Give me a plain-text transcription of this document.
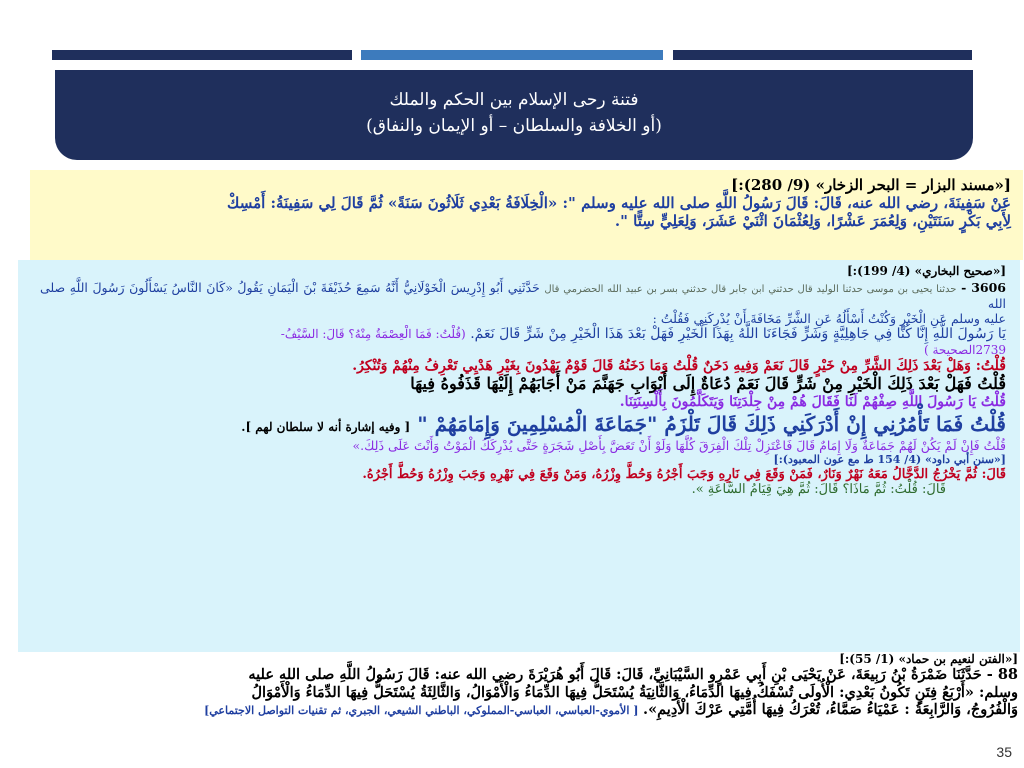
فتنة رحى الإسلام بين الحكم والملك
(أو الخلافة والسلطان – أو الإيمان والنفاق)

[«مسند البزار = البحر الزخار» (9/ 280):]

عَنْ سَفِينَةَ، رضي الله عنه، قَالَ: قَالَ رَسُولُ اللَّهِ صلى الله عليه وسلم ": «الْخِلَافَةُ بَعْدِي ثَلَاثُونَ سَنَةً» ثُمَّ قَالَ لِي سَفِينَةُ: أَمْسِكْ

لِأَبِي بَكْرٍ سَنَتَيْنِ، وَلِعُمَرَ عَشْرًا، وَلِعُثْمَانَ اثْنَيْ عَشَرَ، وَلِعَلِيٍّ سِتًّا ".

[«صحيح البخاري» (4/ 199):]

3606 - حدثنا يحيى بن موسى حدثنا الوليد قال حدثني ابن جابر قال حدثني بسر بن عبيد الله الحضرمي قال حَدَّثَنِي أَبُو إِدْرِيسَ الْخَوْلَانِيُّ أَنَّهُ سَمِعَ حُذَيْفَةَ بْنَ الْيَمَانِ يَقُولُ «كَانَ النَّاسُ يَسْأَلُونَ رَسُولَ اللَّهِ صلى الله

عليه وسلم عَنِ الْخَيْرِ وَكُنْتُ أَسْأَلُهُ عَنِ الشَّرِّ مَخَافَةَ أَنْ يُدْرِكَنِي فَقُلْتُ :

يَا رَسُولَ اللَّهِ إِنَّا كُنَّا فِي جَاهِلِيَّةٍ وَشَرٍّ فَجَاءَنَا اللَّهُ بِهَذَا الْخَيْرِ فَهَلْ بَعْدَ هَذَا الْخَيْرِ مِنْ شَرٍّ قَالَ نَعَمْ. (قُلْتُ: فَمَا الْعِصْمَةُ مِنْهُ؟ قَالَ: السَّيْفُ-

2739الصحيحة )

قُلْتُ: وَهَلْ بَعْدَ ذَلِكَ الشَّرِّ مِنْ خَيْرٍ قَالَ نَعَمْ وَفِيهِ دَخَنٌ قُلْتُ وَمَا دَخَنُهُ قَالَ قَوْمٌ يَهْدُونَ بِغَيْرِ هَدْيِي تَعْرِفُ مِنْهُمْ وَتُنْكِرُ.

قُلْتُ فَهَلْ بَعْدَ ذَلِكَ الْخَيْرِ مِنْ شَرٍّ قَالَ نَعَمْ دُعَاةٌ إِلَى أَبْوَابِ جَهَنَّمَ مَنْ أَجَابَهُمْ إِلَيْهَا قَذَفُوهُ فِيهَا

قُلْتُ يَا رَسُولَ اللَّهِ صِفْهُمْ لَنَا فَقَالَ هُمْ مِنْ جِلْدَتِنَا وَيَتَكَلَّمُونَ بِأَلْسِنَتِنَا.

قُلْتُ فَمَا تَأْمُرُنِي إِنْ أَدْرَكَنِي ذَلِكَ قَالَ تَلْزَمُ "جَمَاعَةَ الْمُسْلِمِينَ وَإِمَامَهُمْ " [ وفيه إشارة أنه لا سلطان لهم ].

قُلْتُ فَإِنْ لَمْ يَكُنْ لَهُمْ جَمَاعَةٌ وَلَا إِمَامٌ قَالَ فَاعْتَزِلْ تِلْكَ الْفِرَقَ كُلَّهَا وَلَوْ أَنْ تَعَضَّ بِأَصْلِ شَجَرَةٍ حَتَّى يُدْرِكَكَ الْمَوْتُ وَأَنْتَ عَلَى ذَلِكَ.»

[«سنن أبي داود» (4/ 154 ط مع عون المعبود):]

قَالَ: ثُمَّ يَخْرُجُ الدَّجَّالُ مَعَهُ نَهْرٌ وَنَارٌ، فَمَنْ وَقَعَ فِي نَارِهِ وَجَبَ أَجْرُهُ وَحُطَّ وِزْرُهُ، وَمَنْ وَقَعَ فِي نَهْرِهِ وَجَبَ وِزْرُهُ وَحُطَّ أَجْرُهُ.

قَالَ: قُلْتُ: ثُمَّ مَاذَا؟ قَالَ: ثُمَّ هِيَ قِيَامُ السَّاعَةِ ».

[«الفتن لنعيم بن حماد» (1/ 55):]

88 - حَدَّثَنَا ضَمْرَةُ بْنُ رَبِيعَةَ، عَنْ يَحْيَى بْنِ أَبِي عَمْرٍو السَّيْبَانِيِّ، قَالَ: قَالَ أَبُو هُرَيْرَةَ رضي الله عنه: قَالَ رَسُولُ اللَّهِ صلى الله عليه

وسلم: «أَرْبَعُ فِتَنٍ تَكُونُ بَعْدِي: الْأُولَى تُسْفَكُ فِيهَا الدِّمَاءُ، وَالثَّانِيَةُ يُسْتَحَلُّ فِيهَا الدِّمَاءُ وَالْأَمْوَالُ، وَالثَّالِثَةُ يُسْتَحَلُّ فِيهَا الدِّمَاءُ وَالْأَمْوَالُ

وَالْفُرُوجُ، وَالرَّابِعَةُ : عَمْيَاءُ صَمَّاءُ، تُعْرَكُ فِيهَا أُمَّتِي عَرْكَ الْأَدِيمِ». [ الأموي-العباسي، العباسي-المملوكي، الباطني الشيعي، الجبري، ثم تقنيات التواصل الاجتماعي]

35
